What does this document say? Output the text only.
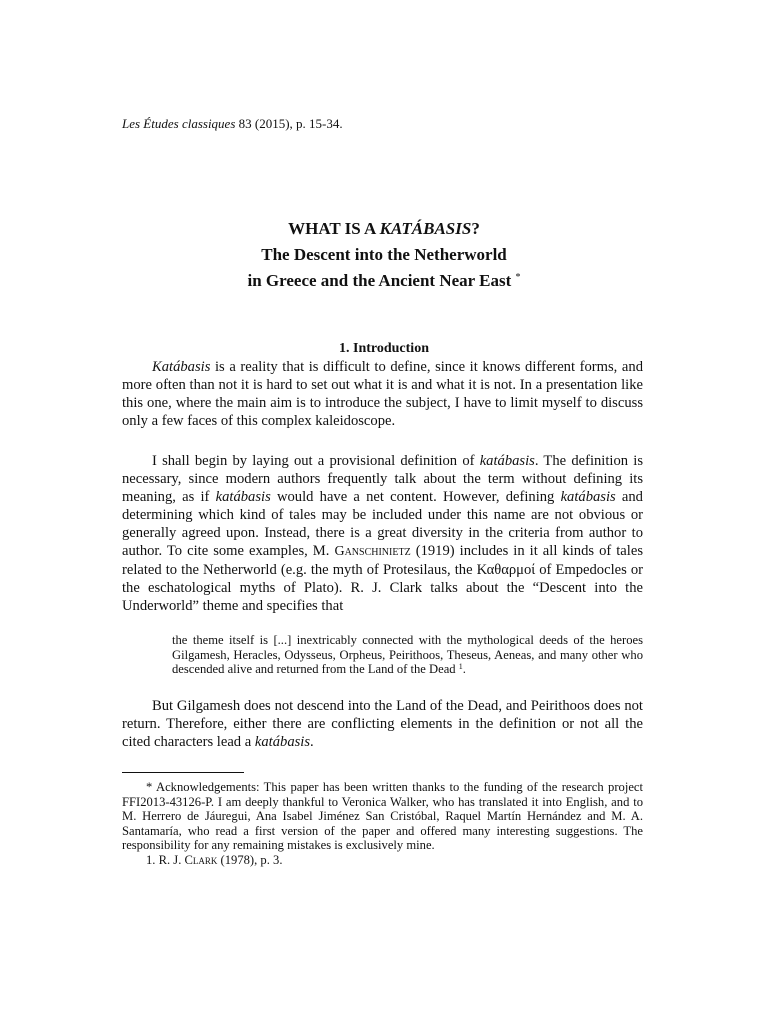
Les Études classiques 83 (2015), p. 15-34.
WHAT IS A KATÁBASIS?
The Descent into the Netherworld
in Greece and the Ancient Near East *
1. Introduction

Katábasis is a reality that is difficult to define, since it knows different forms, and more often than not it is hard to set out what it is and what it is not. In a presentation like this one, where the main aim is to introduce the subject, I have to limit myself to discuss only a few faces of this complex kaleidoscope.

I shall begin by laying out a provisional definition of katábasis. The definition is necessary, since modern authors frequently talk about the term without defining its meaning, as if katábasis would have a net content. However, defining katábasis and determining which kind of tales may be included under this name are not obvious or generally agreed upon. Instead, there is a great diversity in the criteria from author to author. To cite some examples, M. Ganschinietz (1919) includes in it all kinds of tales related to the Netherworld (e.g. the myth of Protesilaus, the Καθαρμοί of Empedocles or the eschatological myths of Plato). R. J. Clark talks about the “Descent into the Underworld” theme and specifies that

the theme itself is [...] inextricably connected with the mythological deeds of the heroes Gilgamesh, Heracles, Odysseus, Orpheus, Peirithoos, Theseus, Aeneas, and many other who descended alive and returned from the Land of the Dead $^1$.

But Gilgamesh does not descend into the Land of the Dead, and Peirithoos does not return. Therefore, either there are conflicting elements in the definition or not all the cited characters lead a katábasis.

* Acknowledgements: This paper has been written thanks to the funding of the research project FFI2013-43126-P. I am deeply thankful to Veronica Walker, who has translated it into English, and to M. Herrero de Jáuregui, Ana Isabel Jiménez San Cristóbal, Raquel Martín Hernández and M. A. Santamaría, who read a first version of the paper and offered many interesting suggestions. The responsibility for any remaining mistakes is exclusively mine.

1. R. J. Clark (1978), p. 3.
